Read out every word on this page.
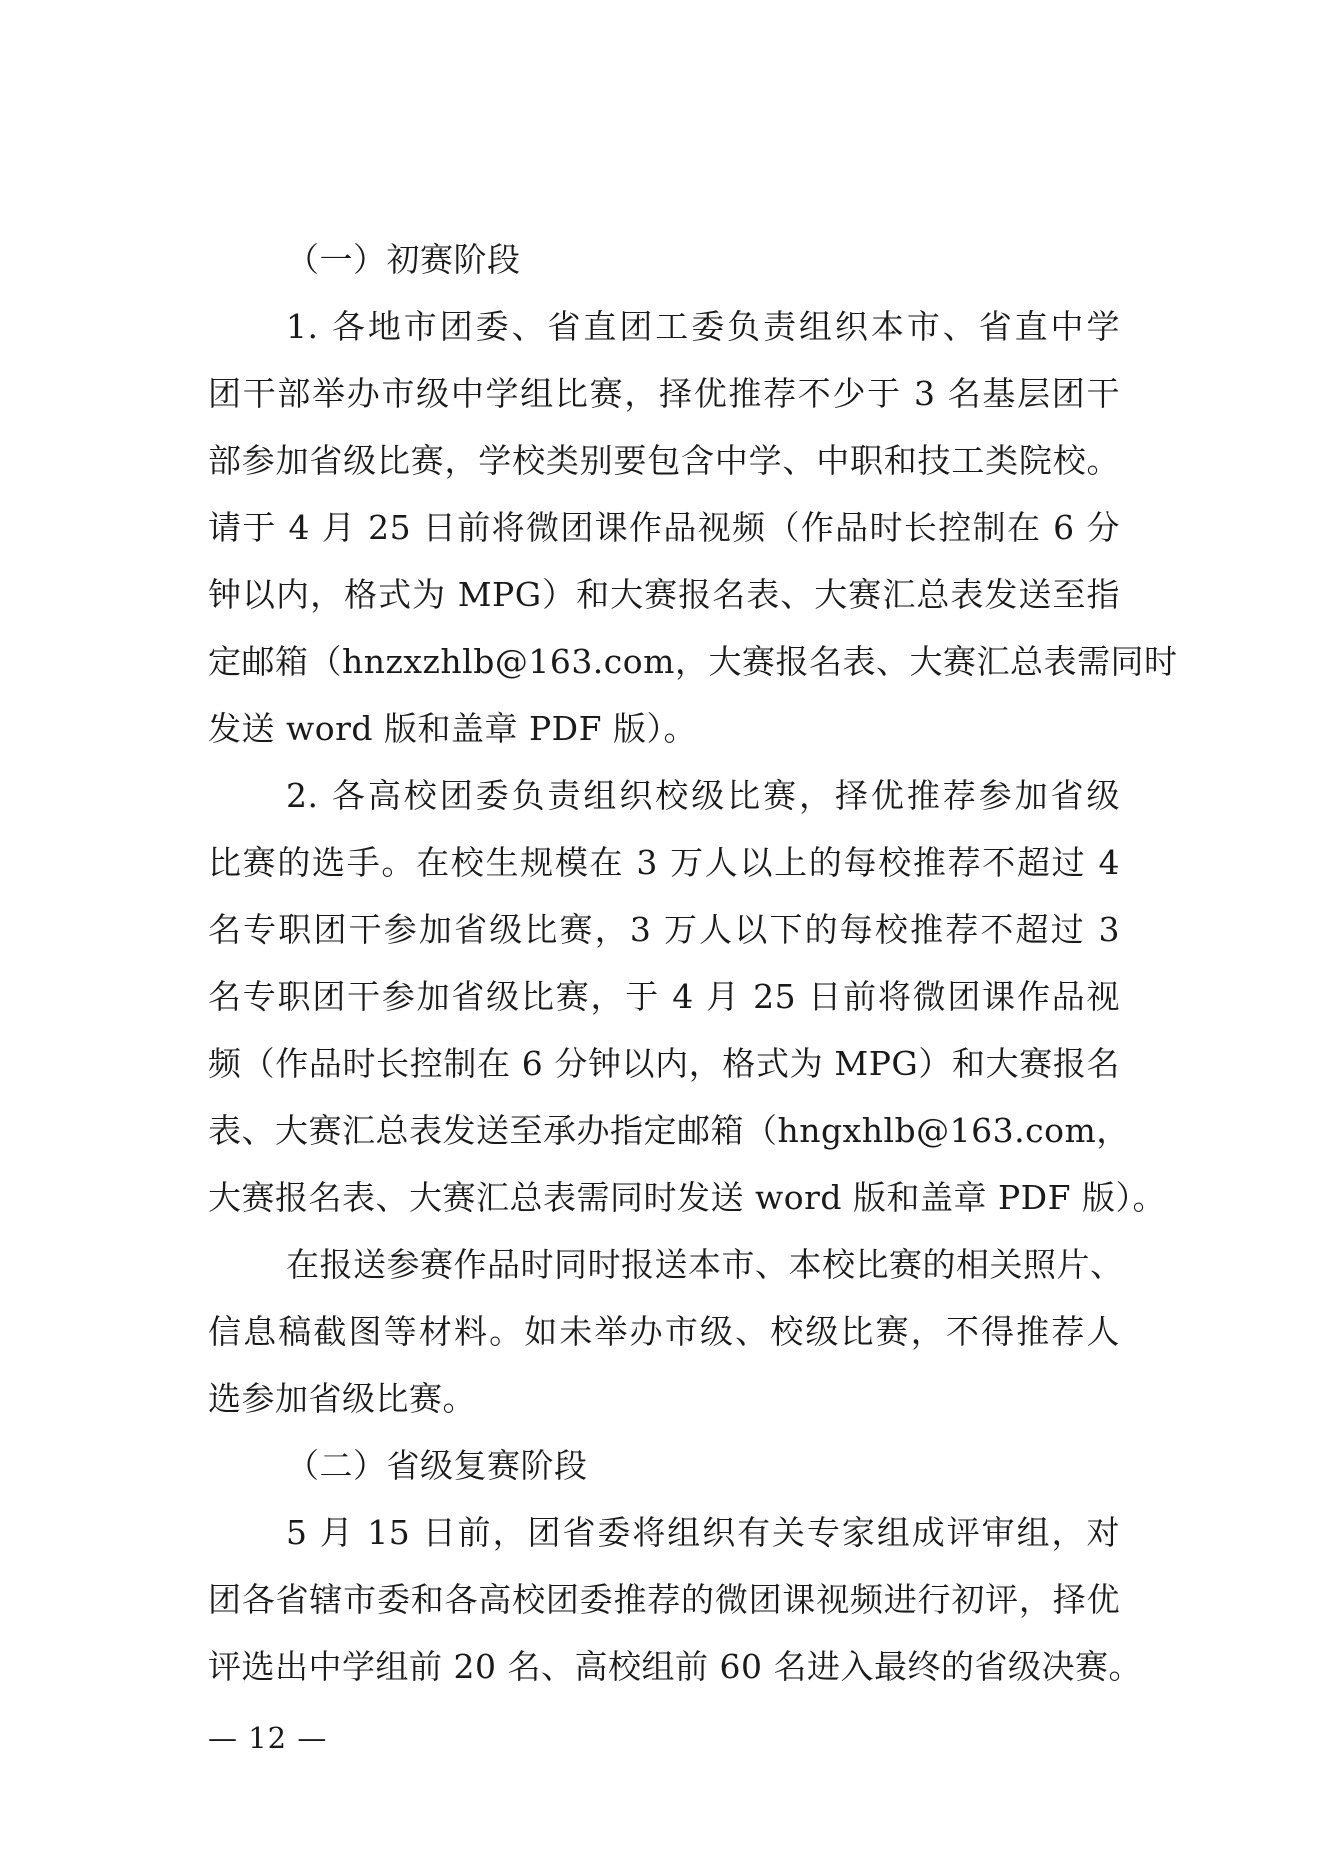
（一）初赛阶段
1. 各地市团委、省直团工委负责组织本市、省直中学
团干部举办市级中学组比赛，择优推荐不少于 3 名基层团干
部参加省级比赛，学校类别要包含中学、中职和技工类院校。
请于 4 月 25 日前将微团课作品视频（作品时长控制在 6 分
钟以内，格式为 MPG）和大赛报名表、大赛汇总表发送至指
定邮箱（hnzxzhlb@163.com，大赛报名表、大赛汇总表需同时
发送 word 版和盖章 PDF 版）。
2. 各高校团委负责组织校级比赛，择优推荐参加省级
比赛的选手。在校生规模在 3 万人以上的每校推荐不超过 4
名专职团干参加省级比赛，3 万人以下的每校推荐不超过 3
名专职团干参加省级比赛，于 4 月 25 日前将微团课作品视
频（作品时长控制在 6 分钟以内，格式为 MPG）和大赛报名
表、大赛汇总表发送至承办指定邮箱（hngxhlb@163.com，
大赛报名表、大赛汇总表需同时发送 word 版和盖章 PDF 版）。
在报送参赛作品时同时报送本市、本校比赛的相关照片、
信息稿截图等材料。如未举办市级、校级比赛，不得推荐人
选参加省级比赛。
（二）省级复赛阶段
5 月 15 日前，团省委将组织有关专家组成评审组，对
团各省辖市委和各高校团委推荐的微团课视频进行初评，择优
评选出中学组前 20 名、高校组前 60 名进入最终的省级决赛。
— 12 —
